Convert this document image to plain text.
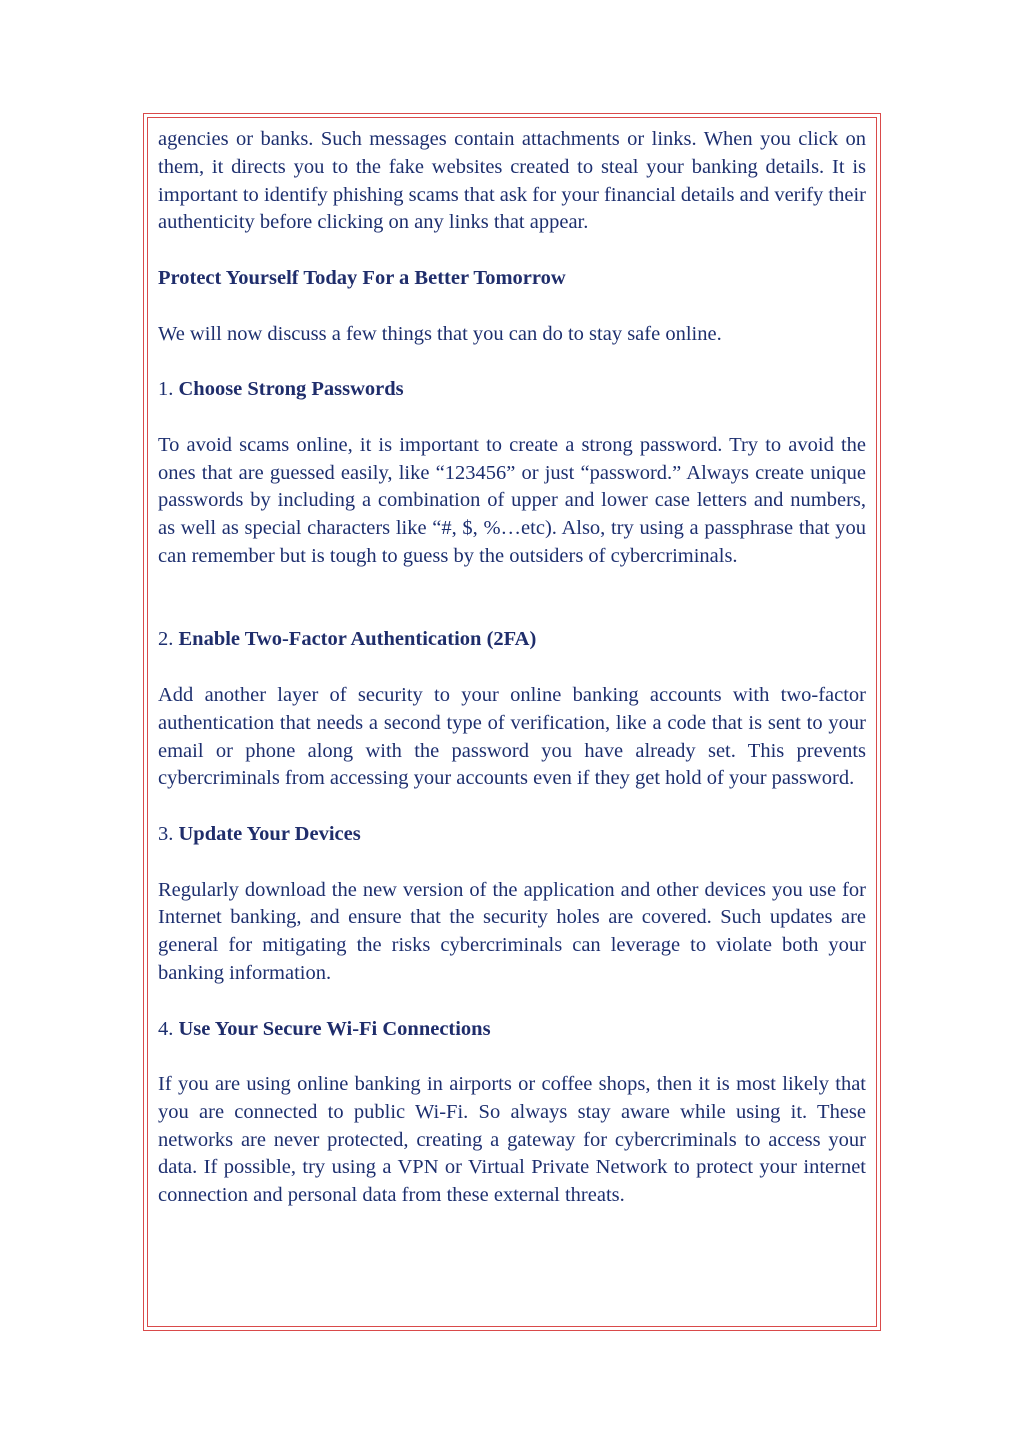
agencies or banks. Such messages contain attachments or links. When you click on them, it directs you to the fake websites created to steal your banking details. It is important to identify phishing scams that ask for your financial details and verify their authenticity before clicking on any links that appear.

Protect Yourself Today For a Better Tomorrow

We will now discuss a few things that you can do to stay safe online.

1. Choose Strong Passwords

To avoid scams online, it is important to create a strong password. Try to avoid the ones that are guessed easily, like “123456” or just “password.” Always create unique passwords by including a combination of upper and lower case letters and numbers, as well as special characters like “#, $, %…etc). Also, try using a passphrase that you can remember but is tough to guess by the outsiders of cybercriminals.

2. Enable Two-Factor Authentication (2FA)

Add another layer of security to your online banking accounts with two-factor authentication that needs a second type of verification, like a code that is sent to your email or phone along with the password you have already set. This prevents cybercriminals from accessing your accounts even if they get hold of your password.

3. Update Your Devices

Regularly download the new version of the application and other devices you use for Internet banking, and ensure that the security holes are covered. Such updates are general for mitigating the risks cybercriminals can leverage to violate both your banking information.

4. Use Your Secure Wi-Fi Connections

If you are using online banking in airports or coffee shops, then it is most likely that you are connected to public Wi-Fi. So always stay aware while using it. These networks are never protected, creating a gateway for cybercriminals to access your data. If possible, try using a VPN or Virtual Private Network to protect your internet connection and personal data from these external threats.
